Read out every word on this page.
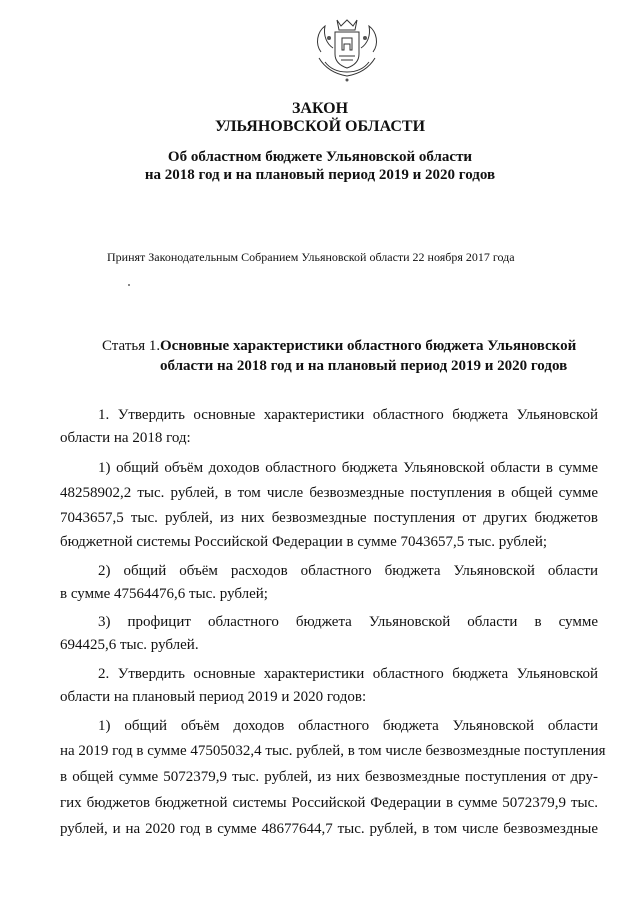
ЗАКОН
УЛЬЯНОВСКОЙ ОБЛАСТИ
Об областном бюджете Ульяновской области
на 2018 год и на плановый период 2019 и 2020 годов
Принят Законодательным Собранием Ульяновской области 22 ноября 2017 года
Статья 1. Основные характеристики областного бюджета Ульяновской области на 2018 год и на плановый период 2019 и 2020 годов
1. Утвердить основные характеристики областного бюджета Ульяновской
области на 2018 год:
1) общий объём доходов областного бюджета Ульяновской области в сумме
48258902,2 тыс. рублей, в том числе безвозмездные поступления в общей сумме
7043657,5 тыс. рублей, из них безвозмездные поступления от других бюджетов
бюджетной системы Российской Федерации в сумме 7043657,5 тыс. рублей;
2) общий объём расходов областного бюджета Ульяновской области
в сумме 47564476,6 тыс. рублей;
3) профицит областного бюджета Ульяновской области в сумме
694425,6 тыс. рублей.
2. Утвердить основные характеристики областного бюджета Ульяновской
области на плановый период 2019 и 2020 годов:
1) общий объём доходов областного бюджета Ульяновской области
на 2019 год в сумме 47505032,4 тыс. рублей, в том числе безвозмездные поступления
в общей сумме 5072379,9 тыс. рублей, из них безвозмездные поступления от дру-
гих бюджетов бюджетной системы Российской Федерации в сумме 5072379,9 тыс.
рублей, и на 2020 год в сумме 48677644,7 тыс. рублей, в том числе безвозмездные
